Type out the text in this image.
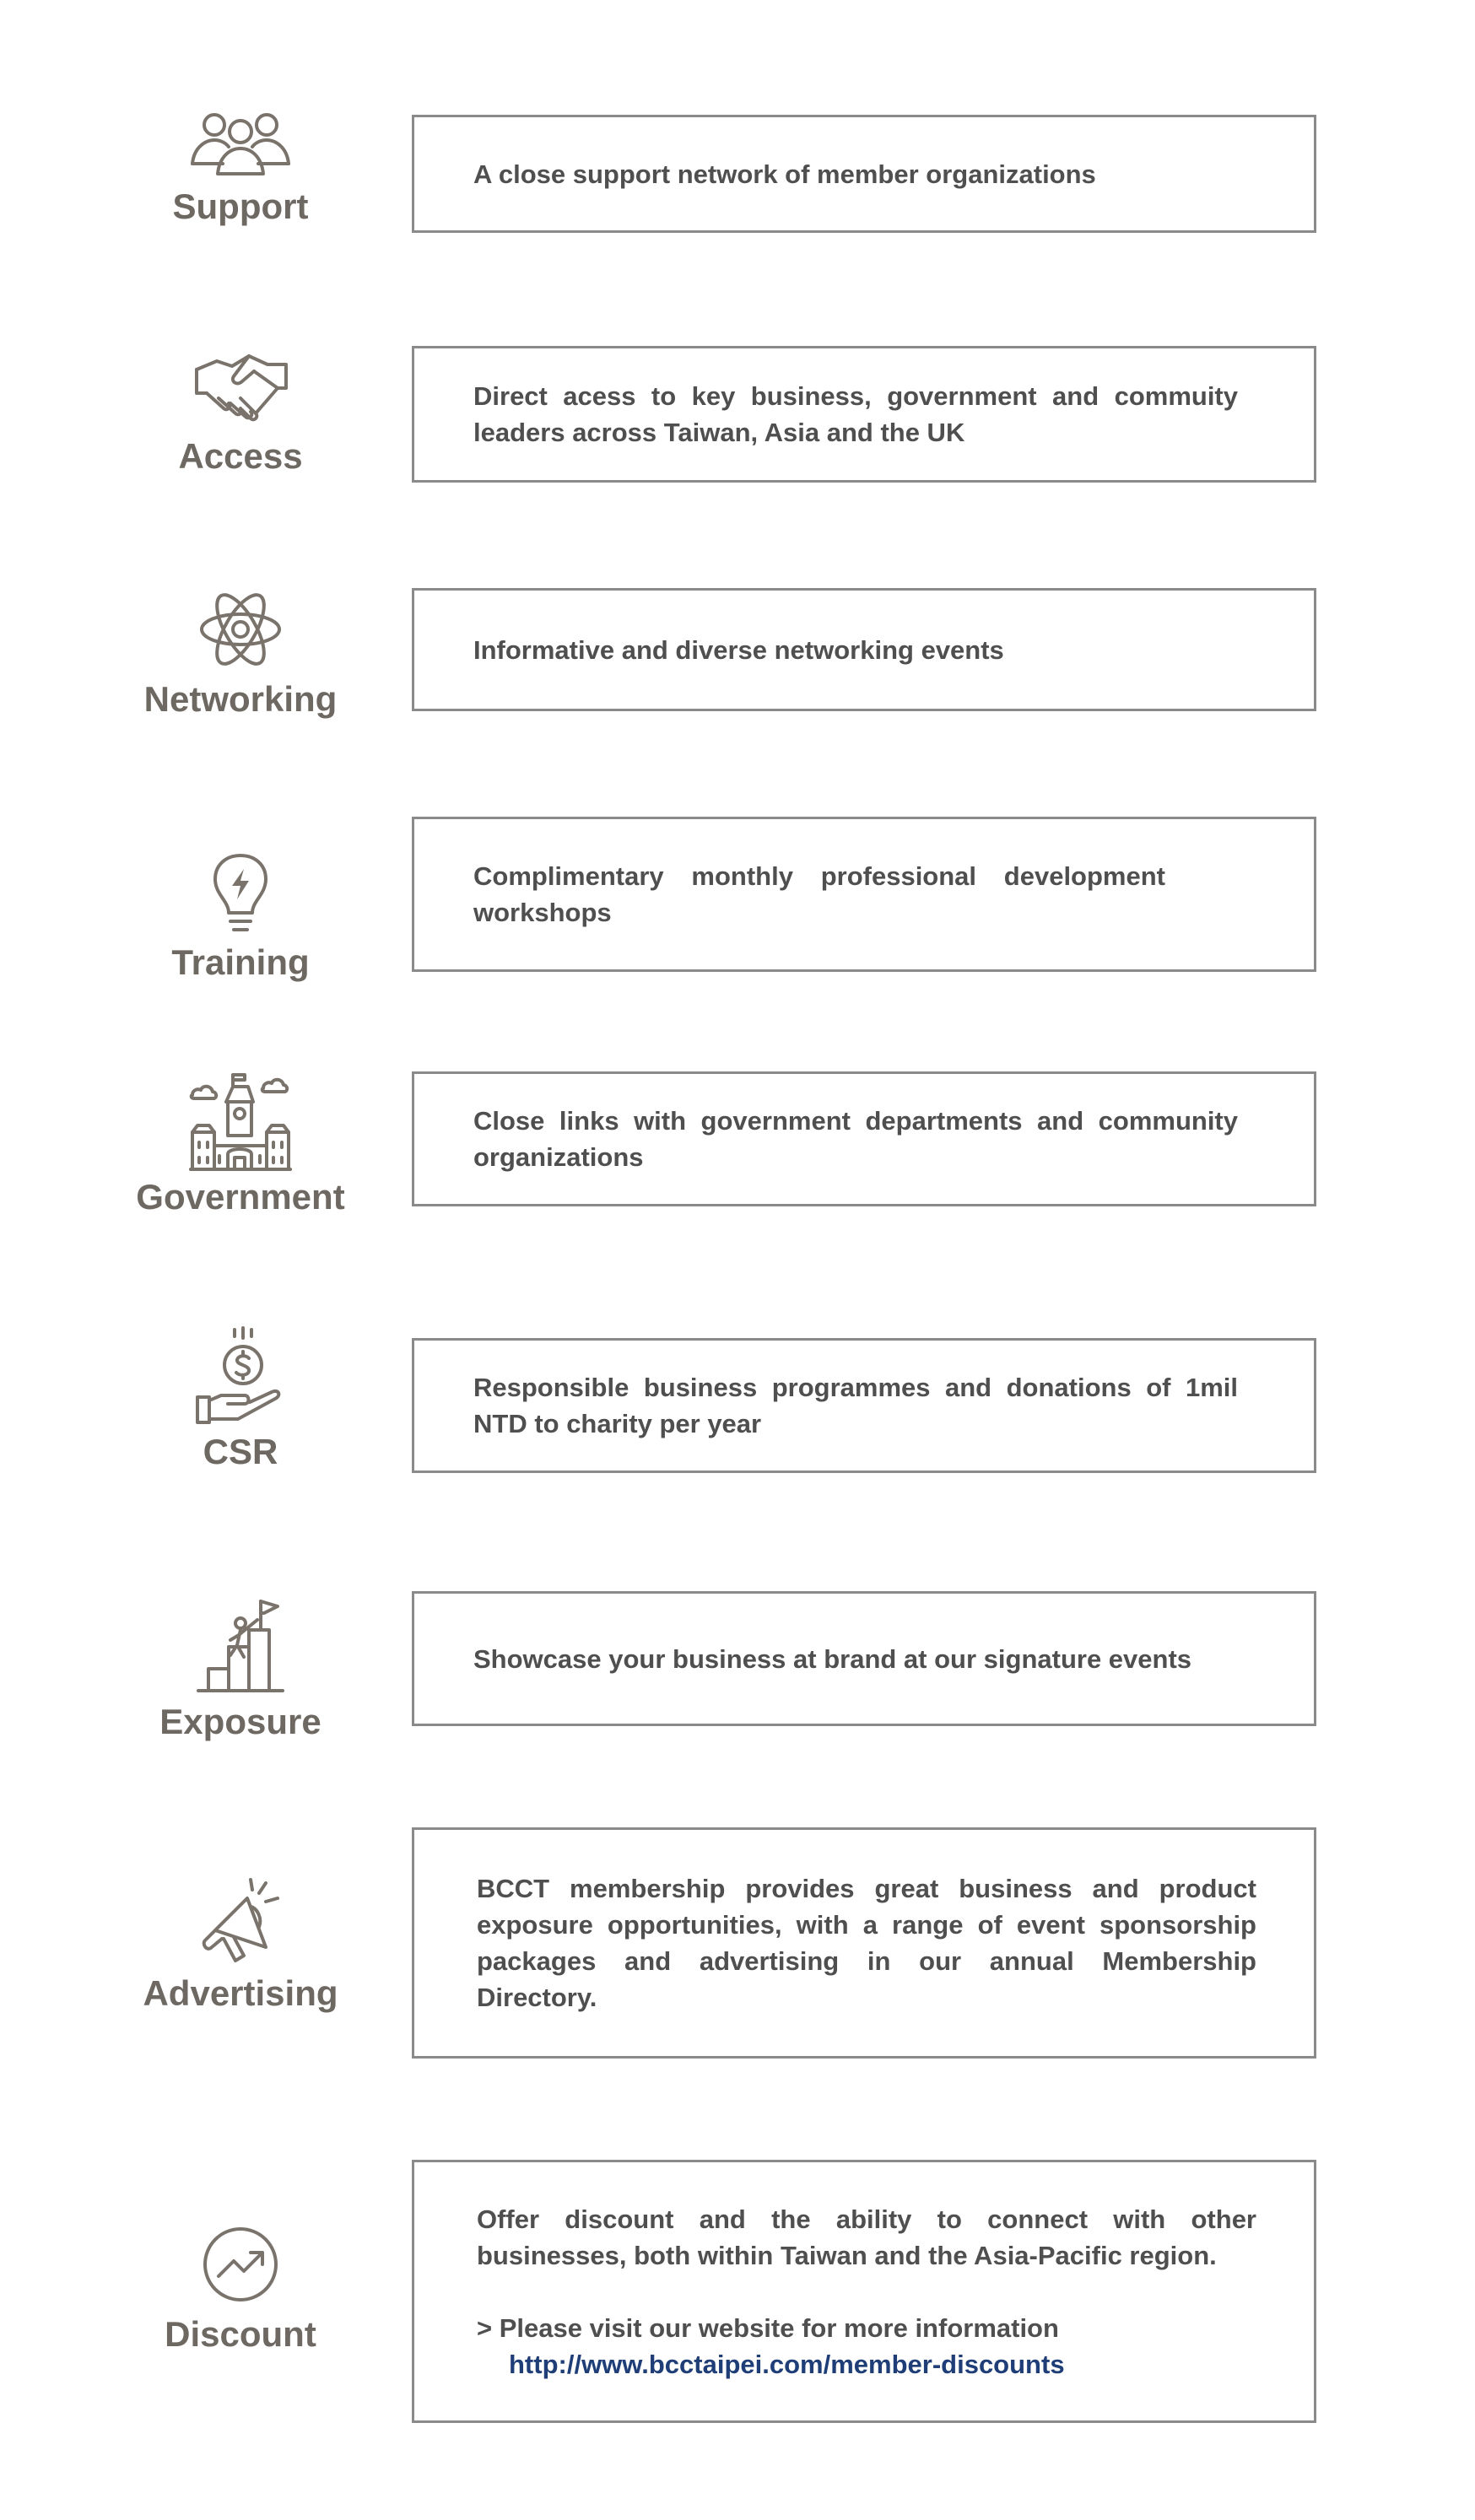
Support
A close support network of member organizations
Access
Direct acess to key business, government and commuity leaders across Taiwan, Asia and the UK
Networking
Informative and diverse networking events
Training
Complimentary monthly professional development workshops
Government
Close links with government departments and community organizations
CSR
Responsible business programmes and donations of 1mil NTD to charity per year
Exposure
Showcase your business at brand at our signature events
Advertising
BCCT membership provides great business and product exposure opportunities, with a range of event sponsorship packages and advertising in our annual Membership Directory.
Discount

Offer discount and the ability to connect with other businesses, both within Taiwan and the Asia-Pacific region.

> Please visit our website for more information

http://www.bcctaipei.com/member-discounts
